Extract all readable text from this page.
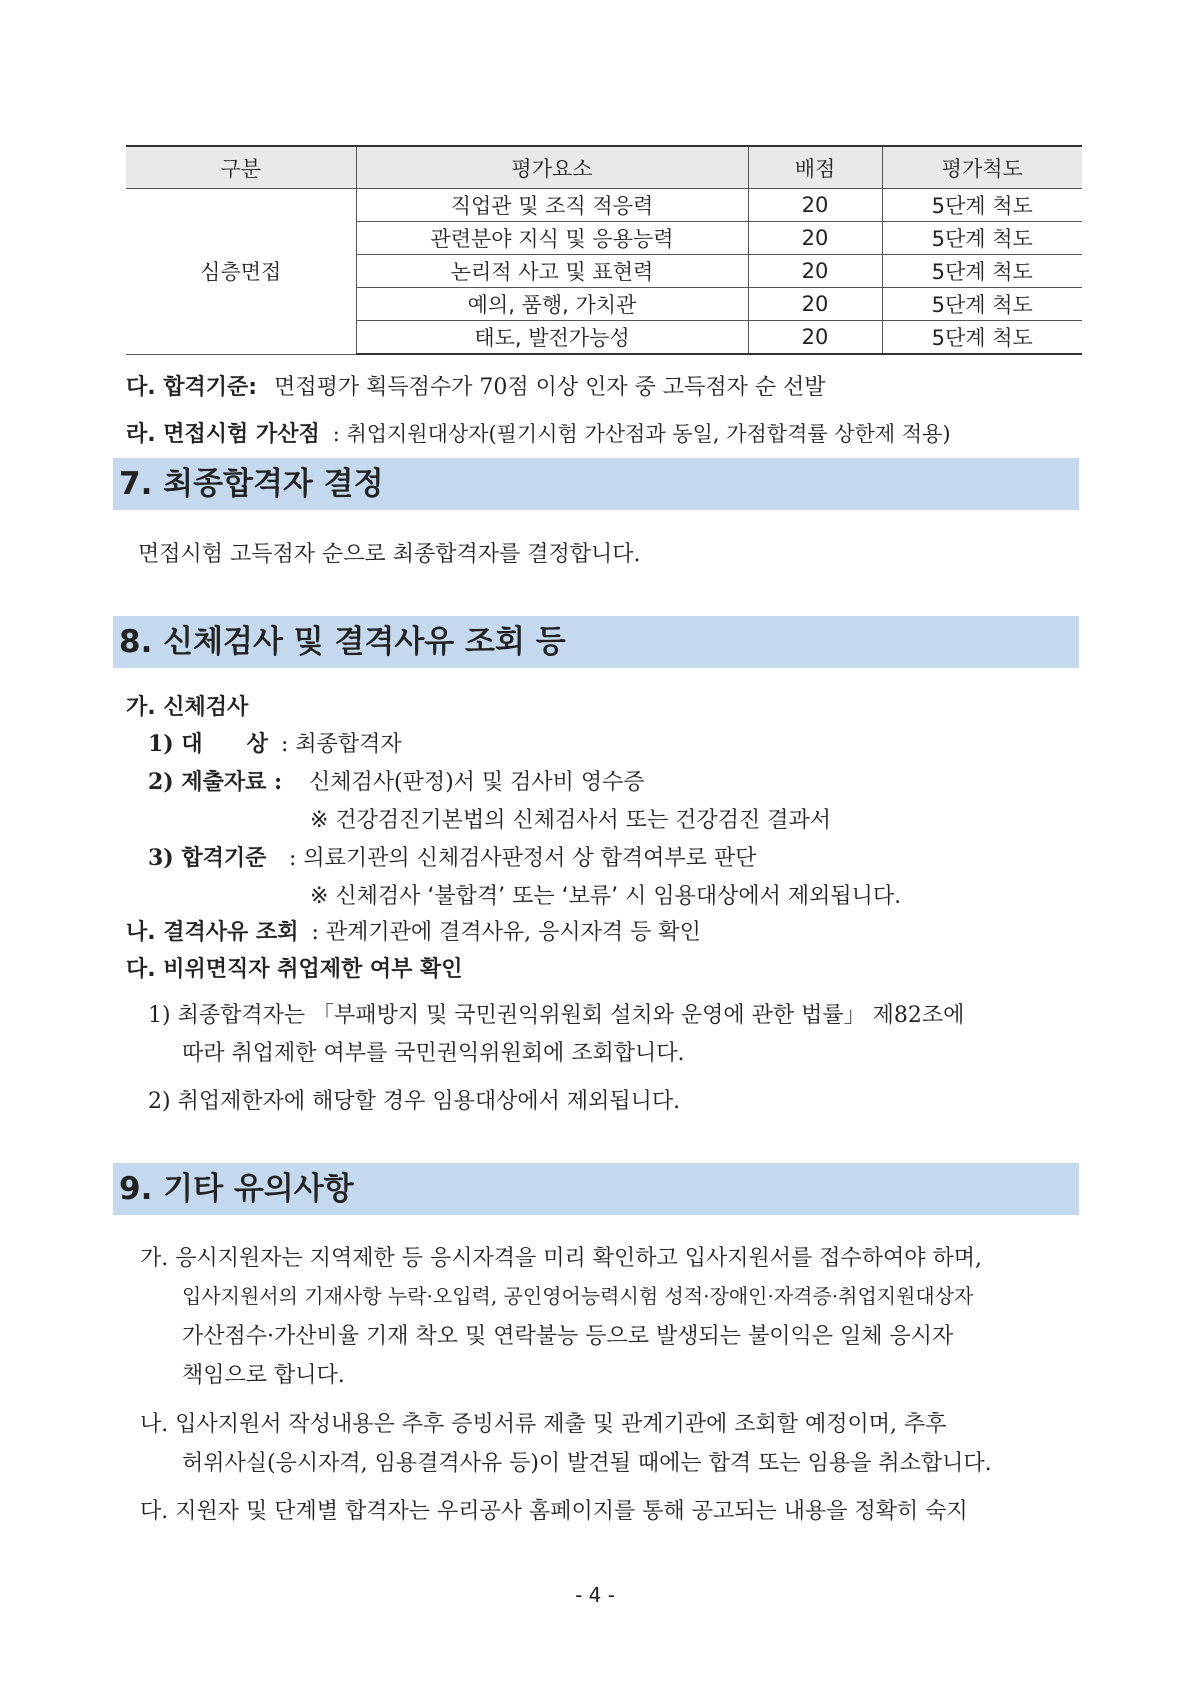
구분	평가요소	배점	평가척도
심층면접	직업관 및 조직 적응력	20	5단계 척도
	관련분야 지식 및 응용능력	20	5단계 척도
	논리적 사고 및 표현력	20	5단계 척도
	예의, 품행, 가치관	20	5단계 척도
	태도, 발전가능성	20	5단계 척도
다. 합격기준: 면접평가 획득점수가 70점 이상 인자 중 고득점자 순 선발
라. 면접시험 가산점 : 취업지원대상자(필기시험 가산점과 동일, 가점합격률 상한제 적용)
7. 최종합격자 결정
면접시험 고득점자 순으로 최종합격자를 결정합니다.
8. 신체검사 및 결격사유 조회 등
가. 신체검사
1) 대　　상 : 최종합격자
2) 제출자료 : 신체검사(판정)서 및 검사비 영수증
※ 건강검진기본법의 신체검사서 또는 건강검진 결과서
3) 합격기준 : 의료기관의 신체검사판정서 상 합격여부로 판단
※ 신체검사 ‘불합격’ 또는 ‘보류’ 시 임용대상에서 제외됩니다.
나. 결격사유 조회 : 관계기관에 결격사유, 응시자격 등 확인
다. 비위면직자 취업제한 여부 확인
1) 최종합격자는 「부패방지 및 국민권익위원회 설치와 운영에 관한 법률」 제82조에
따라 취업제한 여부를 국민권익위원회에 조회합니다.
2) 취업제한자에 해당할 경우 임용대상에서 제외됩니다.
9. 기타 유의사항
가. 응시지원자는 지역제한 등 응시자격을 미리 확인하고 입사지원서를 접수하여야 하며,
입사지원서의 기재사항 누락·오입력, 공인영어능력시험 성적·장애인·자격증·취업지원대상자
가산점수·가산비율 기재 착오 및 연락불능 등으로 발생되는 불이익은 일체 응시자
책임으로 합니다.
나. 입사지원서 작성내용은 추후 증빙서류 제출 및 관계기관에 조회할 예정이며, 추후
허위사실(응시자격, 임용결격사유 등)이 발견될 때에는 합격 또는 임용을 취소합니다.
다. 지원자 및 단계별 합격자는 우리공사 홈페이지를 통해 공고되는 내용을 정확히 숙지
- 4 -
